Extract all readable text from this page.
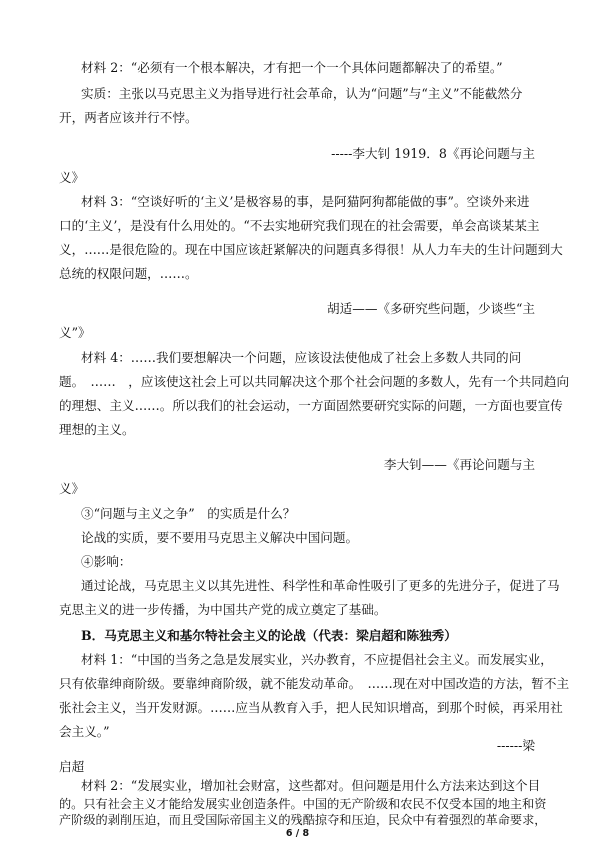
材料 2：“必须有一个根本解决，才有把一个一个具体问题都解决了的希望。”
实质：主张以马克思主义为指导进行社会革命，认为“问题”与“主义”不能截然分
开，两者应该并行不悖。
-----李大钊 1919．8《再论问题与主
义》
材料 3：“空谈好听的‘主义’是极容易的事，是阿猫阿狗都能做的事”。空谈外来进
口的‘主义’，是没有什么用处的。“不去实地研究我们现在的社会需要，单会高谈某某主
义，……是很危险的。现在中国应该赶紧解决的问题真多得很！从人力车夫的生计问题到大
总统的权限问题，……。
胡适——《多研究些问题，少谈些“主
义”》
材料 4：……我们要想解决一个问题，应该设法使他成了社会上多数人共同的问
题。　……　，应该使这社会上可以共同解决这个那个社会问题的多数人，先有一个共同趋向
的理想、主义……。所以我们的社会运动，一方面固然要研究实际的问题，一方面也要宣传
理想的主义。
李大钊——《再论问题与主
义》
③“问题与主义之争”　的实质是什么？
论战的实质，要不要用马克思主义解决中国问题。
④影响：
通过论战，马克思主义以其先进性、科学性和革命性吸引了更多的先进分子，促进了马
克思主义的进一步传播，为中国共产党的成立奠定了基础。
B．马克思主义和基尔特社会主义的论战（代表：梁启超和陈独秀）
材料 1：“中国的当务之急是发展实业，兴办教育，不应提倡社会主义。而发展实业，
只有依靠绅商阶级。要靠绅商阶级，就不能发动革命。　……现在对中国改造的方法，暂不主
张社会主义，当开发财源。……应当从教育入手，把人民知识增高，到那个时候，再采用社
会主义。”
------梁
启超
材料 2：“发展实业，增加社会财富，这些都对。但问题是用什么方法来达到这个目
的。只有社会主义才能给发展实业创造条件。中国的无产阶级和农民不仅受本国的地主和资
产阶级的剥削压迫，而且受国际帝国主义的残酷掠夺和压迫，民众中有着强烈的革命要求，
6 / 8
